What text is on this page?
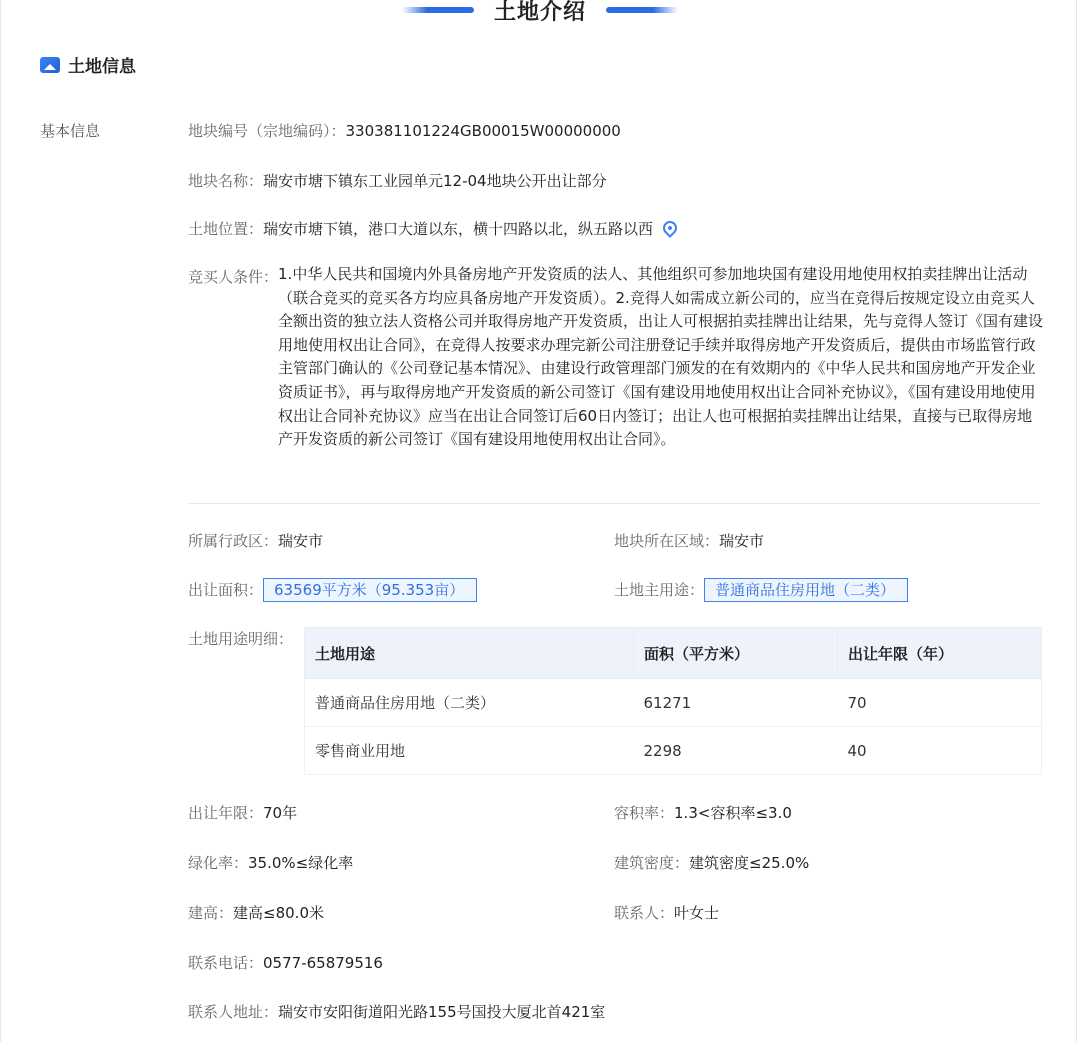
土地介绍
土地信息
基本信息	地块编号（宗地编码）：330381101224GB00015W00000000
地块名称：瑞安市塘下镇东工业园单元12-04地块公开出让部分
土地位置：瑞安市塘下镇，港口大道以东，横十四路以北，纵五路以西
竞买人条件： 1.中华人民共和国境内外具备房地产开发资质的法人、其他组织可参加地块国有建设用地使用权拍卖挂牌出让活动（联合竞买的竞买各方均应具备房地产开发资质）。2.竞得人如需成立新公司的，应当在竞得后按规定设立由竞买人全额出资的独立法人资格公司并取得房地产开发资质，出让人可根据拍卖挂牌出让结果，先与竞得人签订《国有建设用地使用权出让合同》，在竞得人按要求办理完新公司注册登记手续并取得房地产开发资质后，提供由市场监管行政主管部门确认的《公司登记基本情况》、由建设行政管理部门颁发的在有效期内的《中华人民共和国房地产开发企业资质证书》，再与取得房地产开发资质的新公司签订《国有建设用地使用权出让合同补充协议》，《国有建设用地使用权出让合同补充协议》应当在出让合同签订后60日内签订；出让人也可根据拍卖挂牌出让结果，直接与已取得房地产开发资质的新公司签订《国有建设用地使用权出让合同》。
所属行政区：瑞安市	地块所在区域：瑞安市
出让面积： 63569平方米（95.353亩）	土地主用途： 普通商品住房用地（二类）
土地用途明细：
土地用途	面积（平方米）	出让年限（年）
普通商品住房用地（二类）	61271	70
零售商业用地	2298	40
出让年限：70年	容积率：1.3<容积率≤3.0
绿化率：35.0%≤绿化率	建筑密度：建筑密度≤25.0%
建高：建高≤80.0米	联系人：叶女士
联系电话：0577-65879516
联系人地址：瑞安市安阳街道阳光路155号国投大厦北首421室
